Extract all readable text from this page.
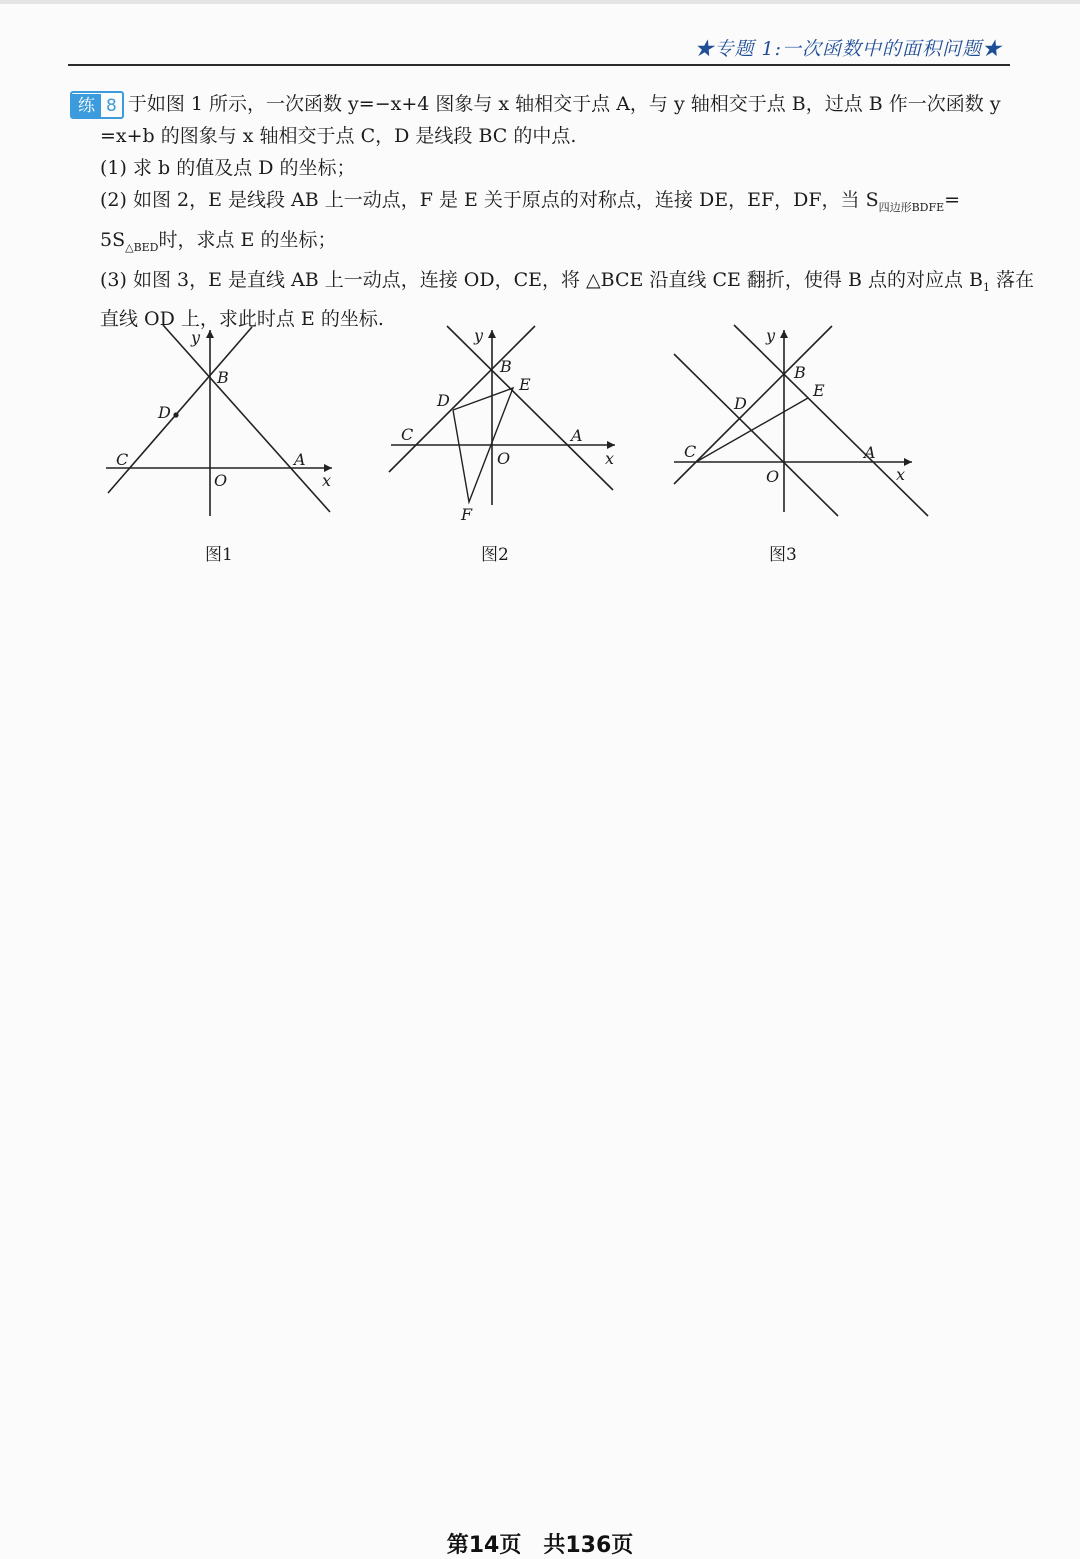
★专题 1:一次函数中的面积问题★
练 8 于如图 1 所示，一次函数 y=−x+4 图象与 x 轴相交于点 A，与 y 轴相交于点 B，过点 B 作一次函数 y
=x+b 的图象与 x 轴相交于点 C，D 是线段 BC 的中点.
(1) 求 b 的值及点 D 的坐标；
(2) 如图 2，E 是线段 AB 上一动点，F 是 E 关于原点的对称点，连接 DE，EF，DF，当 $S_{四边形BDFE}=$
$5S_{\triangle BED}$时，求点 E 的坐标；
(3) 如图 3，E 是直线 AB 上一动点，连接 OD，CE，将 △BCE 沿直线 CE 翻折，使得 B 点的对应点 $B_1$ 落在
直线 OD 上，求此时点 E 的坐标.
y
B
D
C	A
O	x
图1
y
B
E
D
C	A
O	x
F
图2
y
B
E
D
C	A
O	x
图3
第14页　共136页
